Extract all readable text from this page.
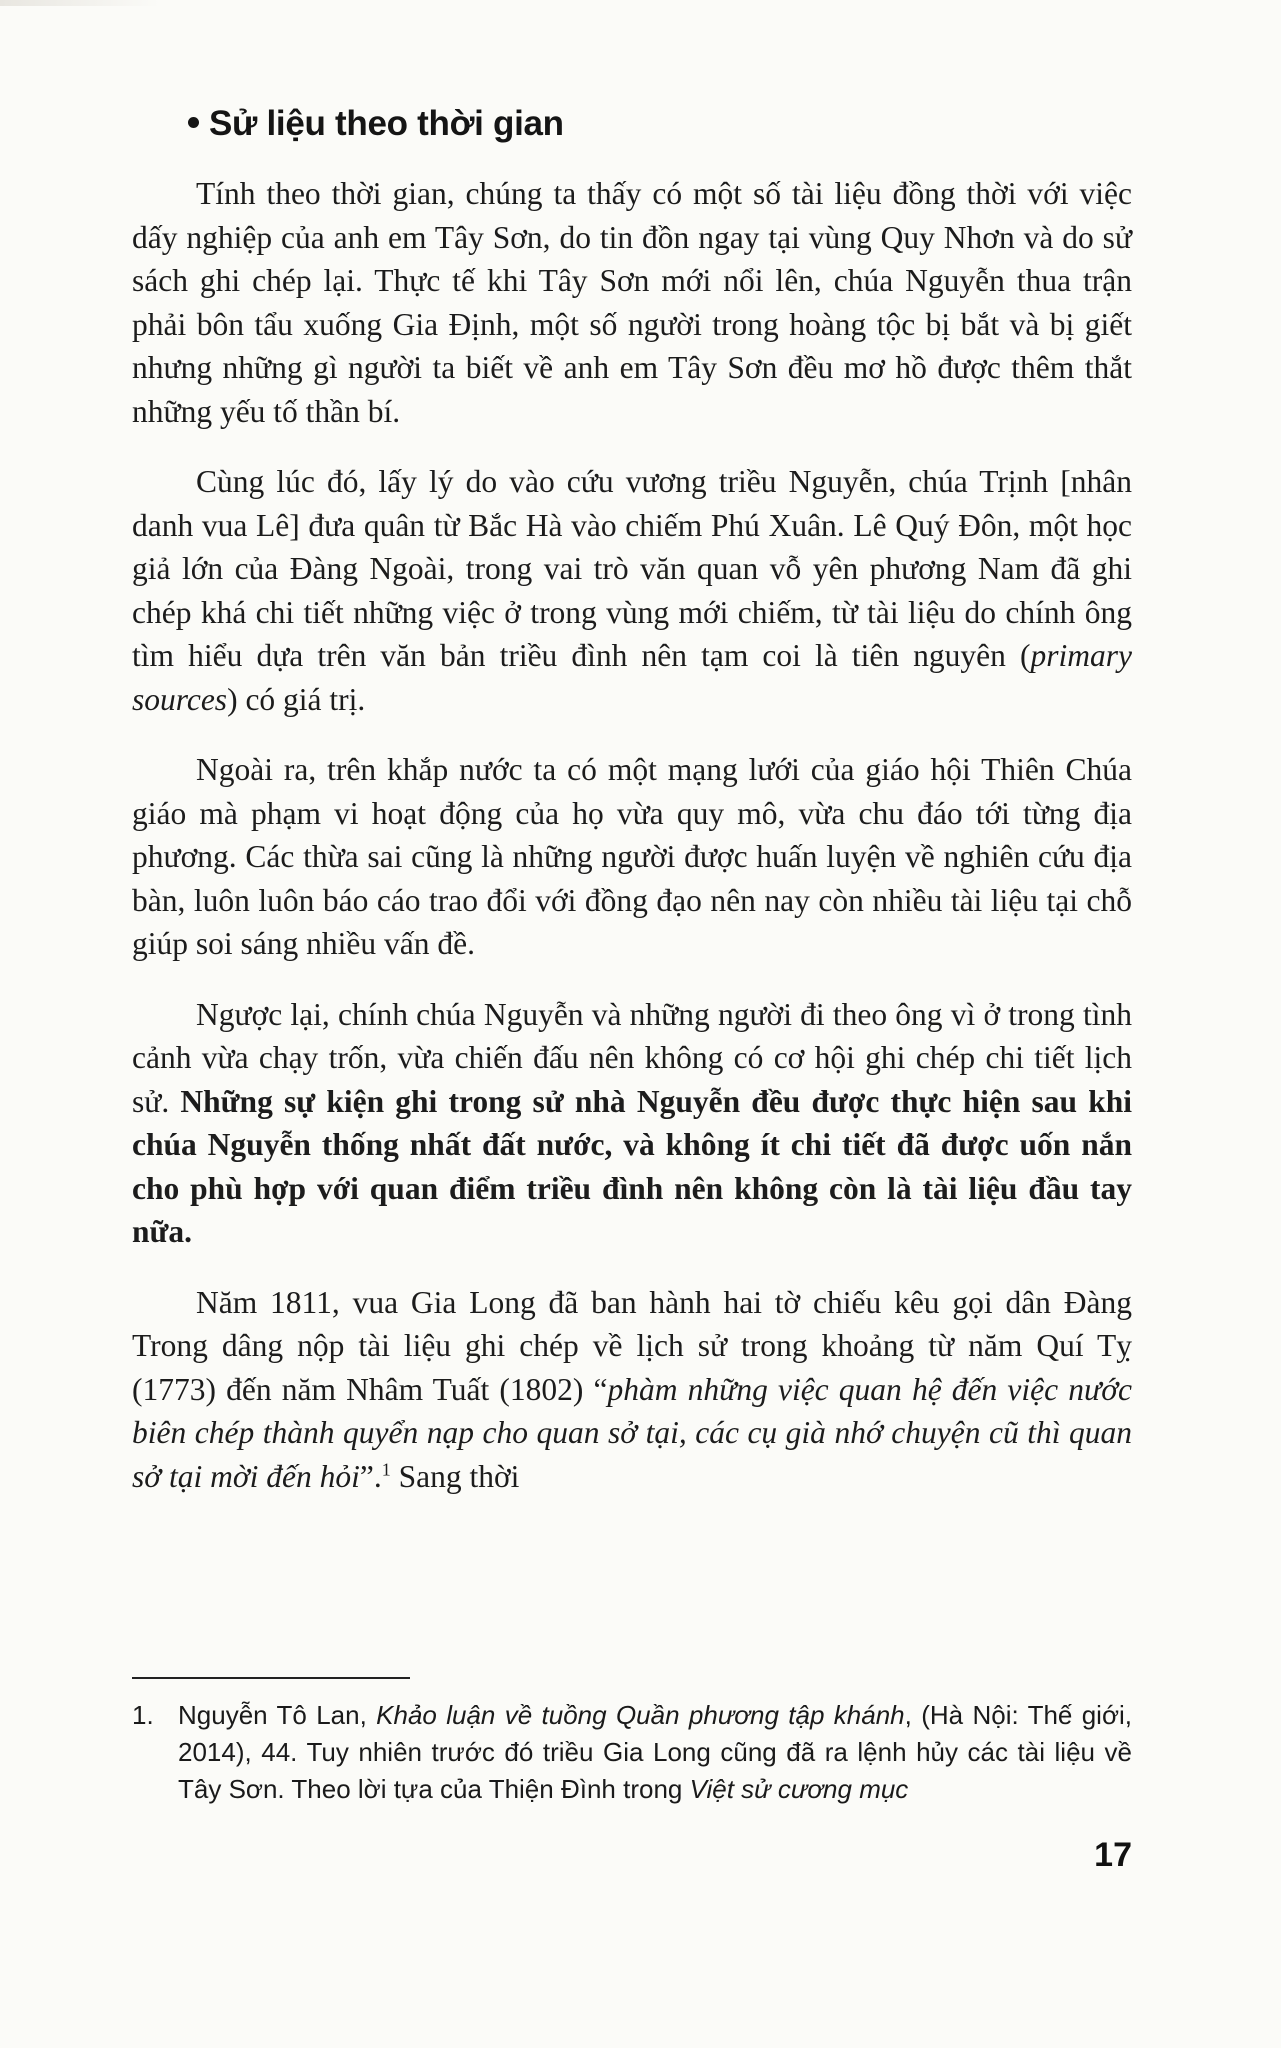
Sử liệu theo thời gian

Tính theo thời gian, chúng ta thấy có một số tài liệu đồng thời với việc dấy nghiệp của anh em Tây Sơn, do tin đồn ngay tại vùng Quy Nhơn và do sử sách ghi chép lại. Thực tế khi Tây Sơn mới nổi lên, chúa Nguyễn thua trận phải bôn tẩu xuống Gia Định, một số người trong hoàng tộc bị bắt và bị giết nhưng những gì người ta biết về anh em Tây Sơn đều mơ hồ được thêm thắt những yếu tố thần bí.

Cùng lúc đó, lấy lý do vào cứu vương triều Nguyễn, chúa Trịnh [nhân danh vua Lê] đưa quân từ Bắc Hà vào chiếm Phú Xuân. Lê Quý Đôn, một học giả lớn của Đàng Ngoài, trong vai trò văn quan vỗ yên phương Nam đã ghi chép khá chi tiết những việc ở trong vùng mới chiếm, từ tài liệu do chính ông tìm hiểu dựa trên văn bản triều đình nên tạm coi là tiên nguyên (primary sources) có giá trị.

Ngoài ra, trên khắp nước ta có một mạng lưới của giáo hội Thiên Chúa giáo mà phạm vi hoạt động của họ vừa quy mô, vừa chu đáo tới từng địa phương. Các thừa sai cũng là những người được huấn luyện về nghiên cứu địa bàn, luôn luôn báo cáo trao đổi với đồng đạo nên nay còn nhiều tài liệu tại chỗ giúp soi sáng nhiều vấn đề.

Ngược lại, chính chúa Nguyễn và những người đi theo ông vì ở trong tình cảnh vừa chạy trốn, vừa chiến đấu nên không có cơ hội ghi chép chi tiết lịch sử. Những sự kiện ghi trong sử nhà Nguyễn đều được thực hiện sau khi chúa Nguyễn thống nhất đất nước, và không ít chi tiết đã được uốn nắn cho phù hợp với quan điểm triều đình nên không còn là tài liệu đầu tay nữa.

Năm 1811, vua Gia Long đã ban hành hai tờ chiếu kêu gọi dân Đàng Trong dâng nộp tài liệu ghi chép về lịch sử trong khoảng từ năm Quí Tỵ (1773) đến năm Nhâm Tuất (1802) “phàm những việc quan hệ đến việc nước biên chép thành quyển nạp cho quan sở tại, các cụ già nhớ chuyện cũ thì quan sở tại mời đến hỏi”.$^1$ Sang thời

1. Nguyễn Tô Lan, Khảo luận về tuồng Quần phương tập khánh, (Hà Nội: Thế giới, 2014), 44. Tuy nhiên trước đó triều Gia Long cũng đã ra lệnh hủy các tài liệu về Tây Sơn. Theo lời tựa của Thiện Đình trong Việt sử cương mục
17
